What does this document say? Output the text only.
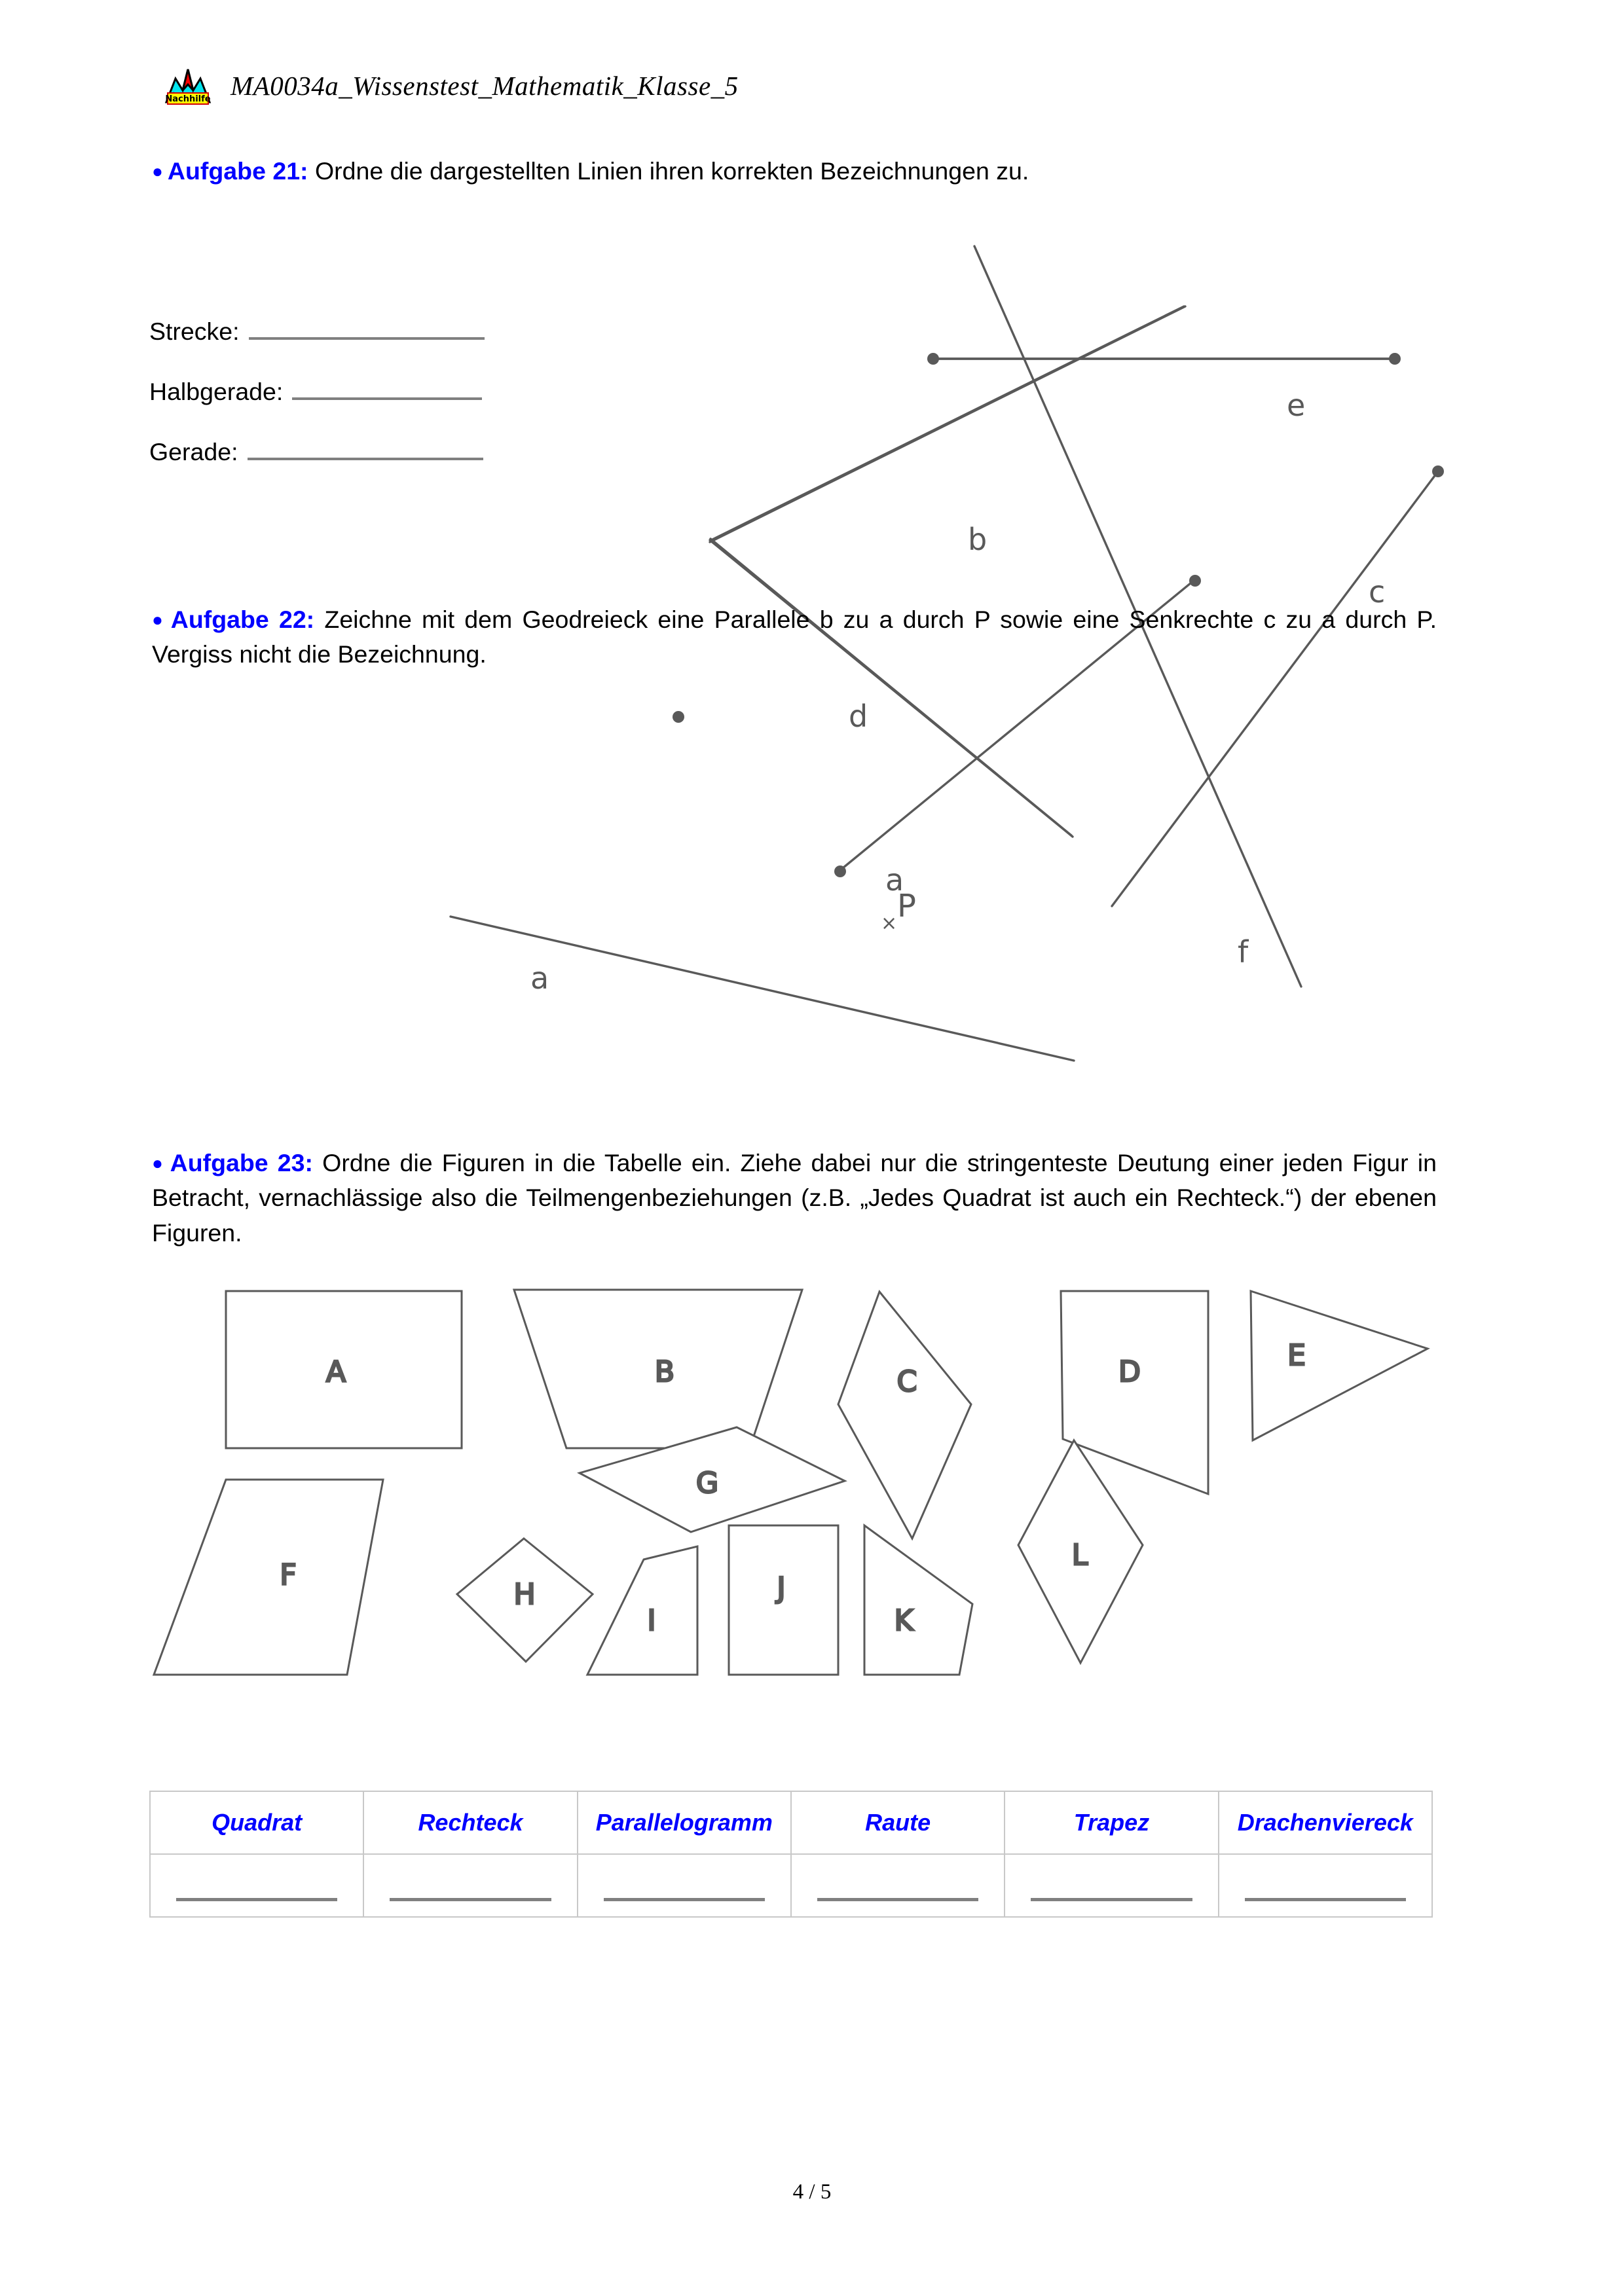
Nachhilfe MA0034a_Wissenstest_Mathematik_Klasse_5
● Aufgabe 21: Ordne die dargestellten Linien ihren korrekten Bezeichnungen zu.
Strecke:
Halbgerade:
Gerade:
e
b
c
d
a
f
● Aufgabe 22: Zeichne mit dem Geodreieck eine Parallele b zu a durch P sowie eine Senkrechte c zu a durch P. Vergiss nicht die Bezeichnung.
a
× P
● Aufgabe 23: Ordne die Figuren in die Tabelle ein. Ziehe dabei nur die stringenteste Deutung einer jeden Figur in Betracht, vernachlässige also die Teilmengenbeziehungen (z.B. „Jedes Quadrat ist auch ein Rechteck.“) der ebenen Figuren.
A	B	C	D	E
F
G
H
I
J
K
L
Quadrat	Rechteck	Parallelogramm	Raute	Trapez	Drachenviereck

4 / 5
